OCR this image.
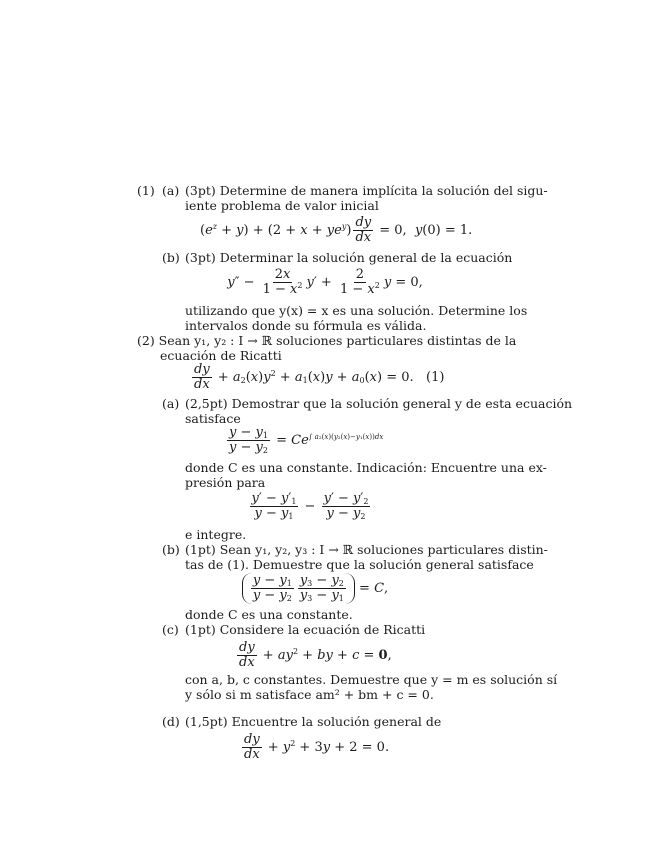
(1) (a) (3pt) Determine de manera implícita la solución del sigu-
iente problema de valor inicial
$(e^z + y) + (2 + x + ye^y) \frac{dy}{dx} = 0$,  y(0) = 1.
(b) (3pt) Determinar la solución general de la ecuación
$y'' - \frac{2x}{1 - x^2} y' + \frac{2}{1 - x^2}$ y = 0,
utilizando que y(x) = x es una solución. Determine los
intervalos donde su fórmula es válida.
(2) Sean y₁, y₂ : I → ℝ soluciones particulares distintas de la
ecuación de Ricatti
$\frac{dy}{dx} + a_2(x)y^2 + a_1(x)y + a_0(x) = 0$.   (1)
(a) (2,5pt) Demostrar que la solución general y de esta ecuación
satisface
$\frac{y - y_1}{y - y_2} = Ce^{\int a_2(x)(y_2(x)-y_1(x))dx}$
donde C es una constante. Indicación: Encuentre una ex-
presión para
$\frac{y' - y'_1}{y - y_1} - \frac{y' - y'_2}{y - y_2}$
e integre.
(b) (1pt) Sean y₁, y₂, y₃ : I → ℝ soluciones particulares distin-
tas de (1). Demuestre que la solución general satisface
$\frac{y - y_1}{y - y_2} \frac{y_3 - y_2}{y_3 - y_1} = C$,
donde C es una constante.
(c) (1pt) Considere la ecuación de Ricatti
$\frac{dy}{dx} + ay^2$ + by + c = 0,
con a, b, c constantes. Demuestre que y = m es solución sí
y sólo si m satisface am² + bm + c = 0.
(d) (1,5pt) Encuentre la solución general de
$\frac{dy}{dx} + y^2 + 3y + 2 = 0$.
